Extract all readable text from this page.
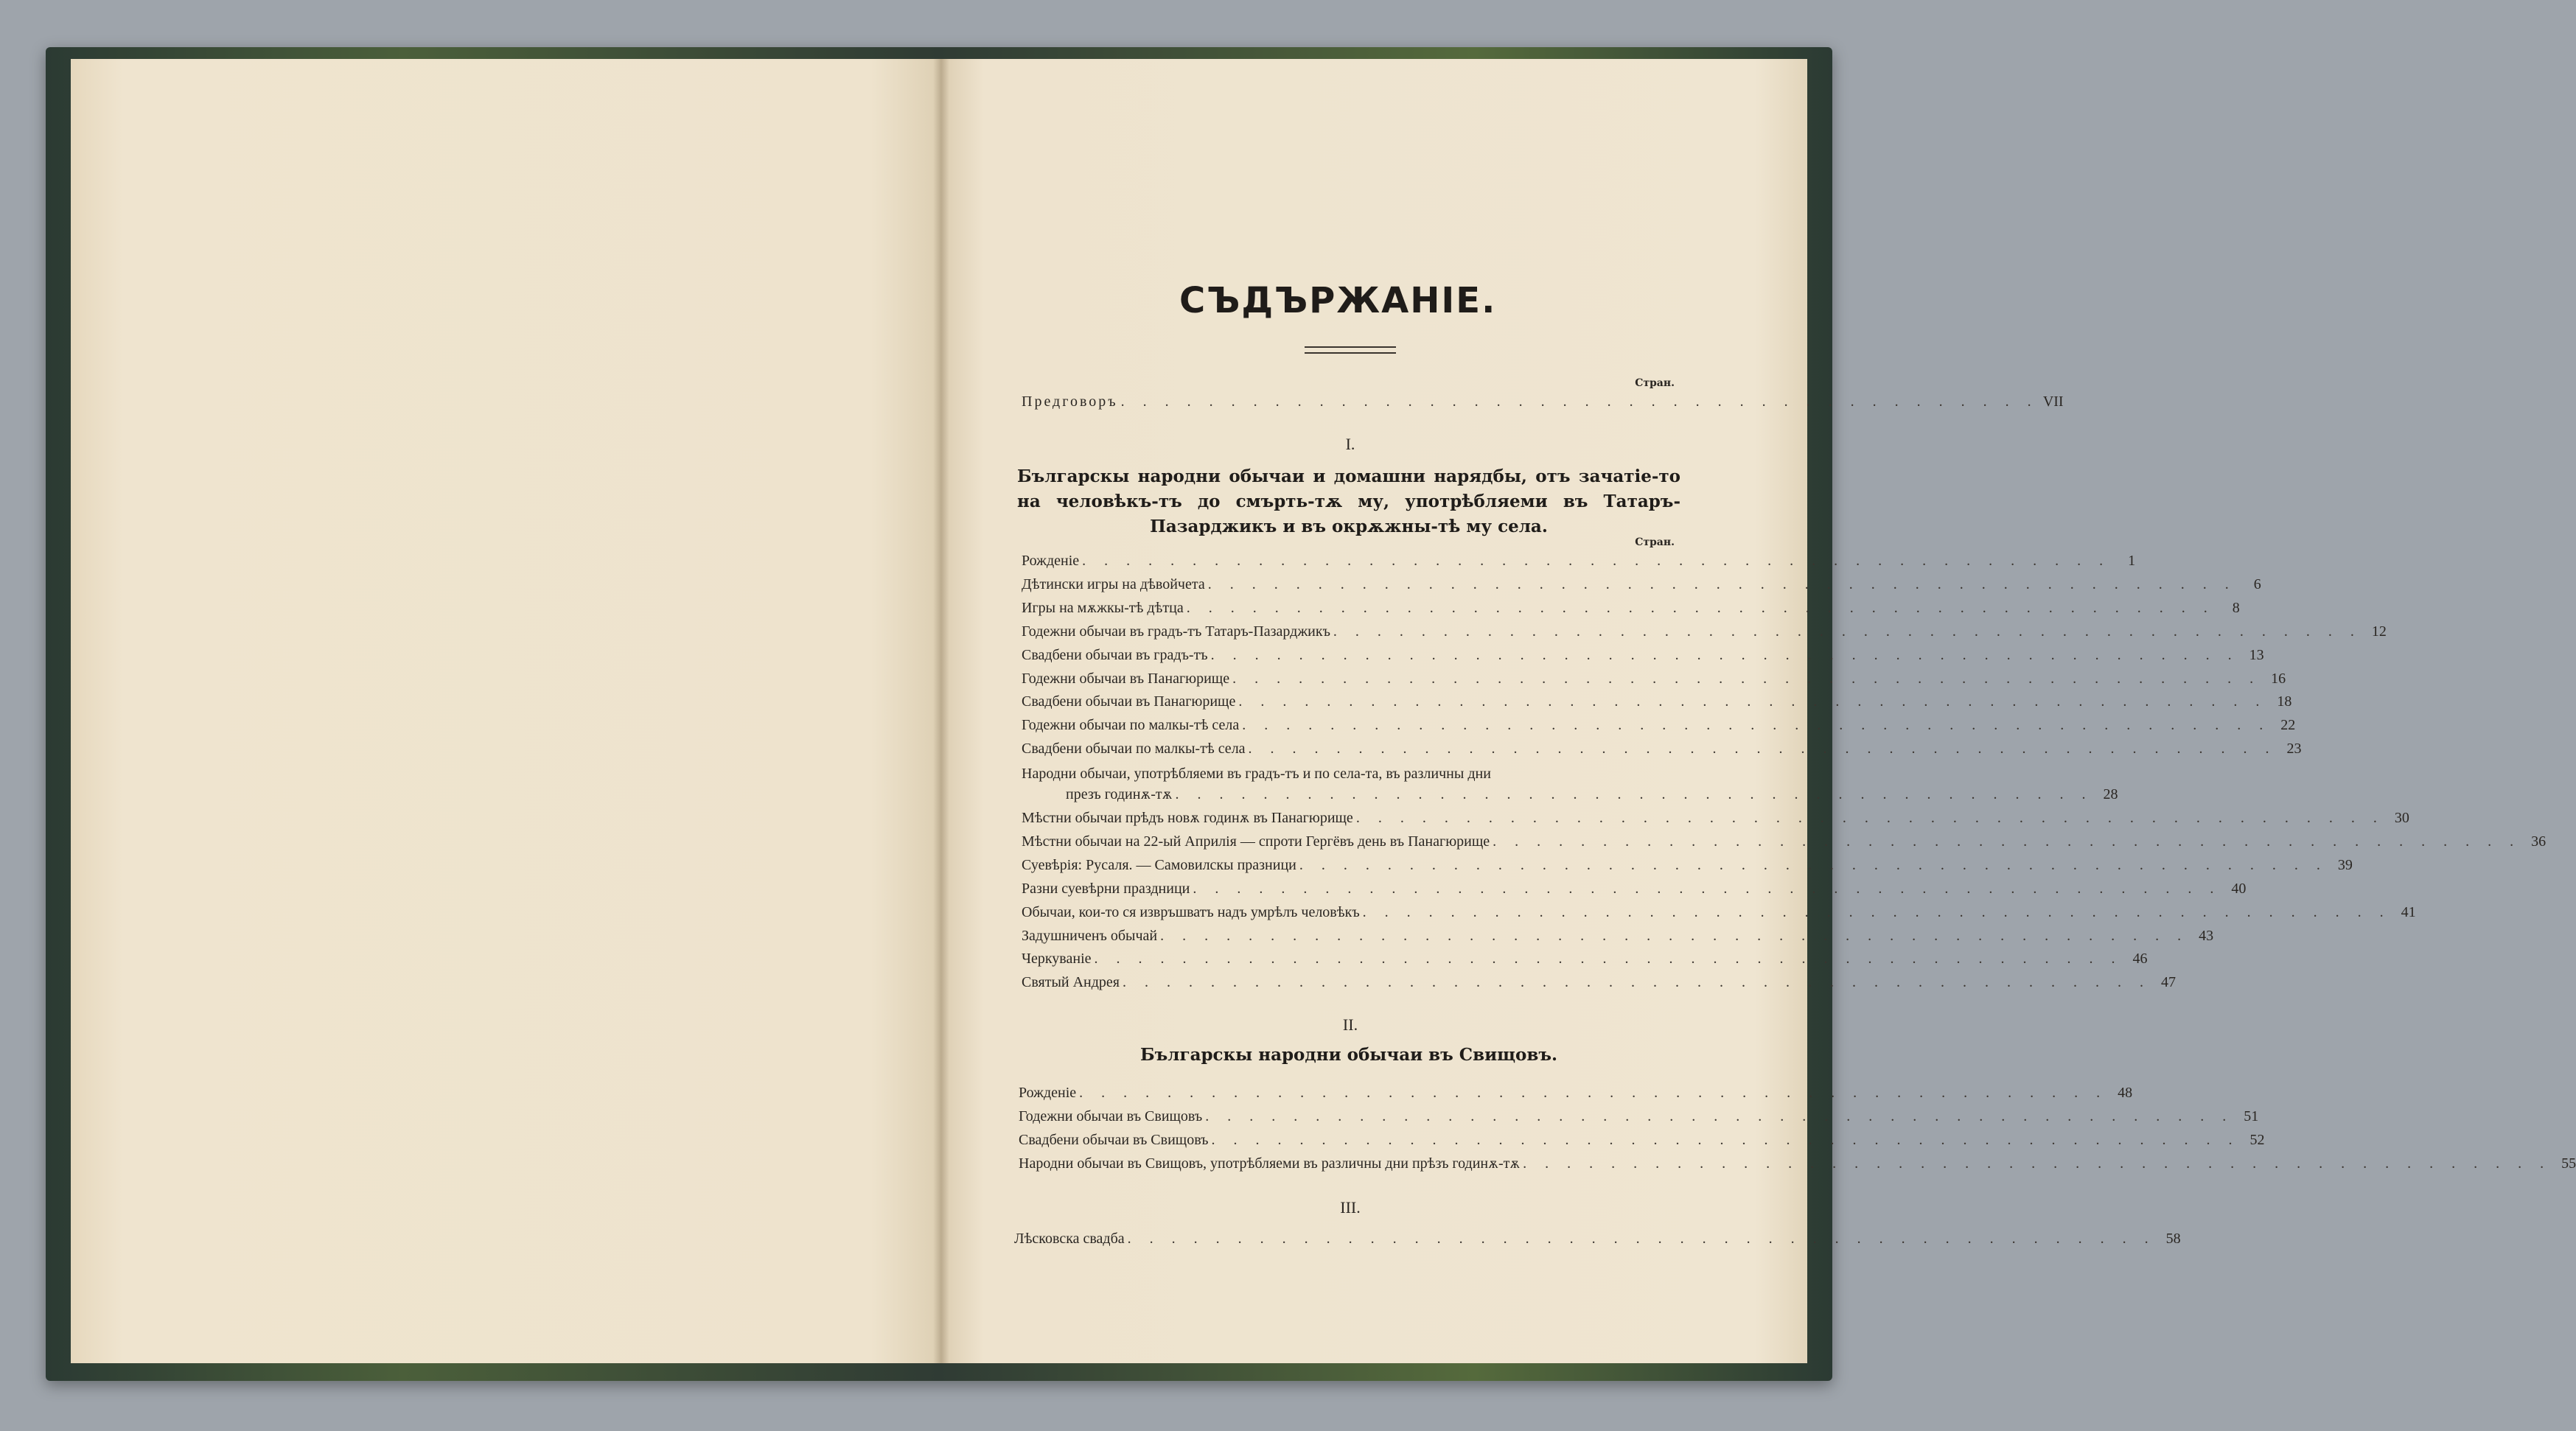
СЪДЪРЖАНІЕ.
Стран.
Предговоръ . . . . . . . . . . . . . . . . . . . . . . . . . . . . . . . . . . . . . . . . . . VII
I.
Българскы народни обычаи и домашни нарядбы, отъ зачатіе-то на человѣкъ-тъ до смърть-тѫ му, употрѣбляеми въ Татаръ-Пазарджикъ и въ окрѫжны-тѣ му села.
Стран.
Рожденіе . . . . . . . . . . . . . . . . . . . . . . . . . . . . . . . . . . . . . . . . . . . . . . .	1
Дѣтински игры на дѣвойчета . . . . . . . . . . . . . . . . . . . . . . . . . . . . . . . . . . . . . . . . . . . . . . .	6
Игры на мѫжкы-тѣ дѣтца . . . . . . . . . . . . . . . . . . . . . . . . . . . . . . . . . . . . . . . . . . . . . . .	8
Годежни обычаи въ градъ-тъ Татаръ-Пазарджикъ . . . . . . . . . . . . . . . . . . . . . . . . . . . . . . . . . . . . . . . . . . . . . . . 12
Свадбени обычаи въ градъ-тъ . . . . . . . . . . . . . . . . . . . . . . . . . . . . . . . . . . . . . . . . . . . . . . . 13
Годежни обычаи въ Панагюрище . . . . . . . . . . . . . . . . . . . . . . . . . . . . . . . . . . . . . . . . . . . . . . . 16
Свадбени обычаи въ Панагюрище . . . . . . . . . . . . . . . . . . . . . . . . . . . . . . . . . . . . . . . . . . . . . . . 18
Годежни обычаи по малкы-тѣ села . . . . . . . . . . . . . . . . . . . . . . . . . . . . . . . . . . . . . . . . . . . . . . . 22
Свадбени обычаи по малкы-тѣ села . . . . . . . . . . . . . . . . . . . . . . . . . . . . . . . . . . . . . . . . . . . . . . . 23
Народни обычаи, употрѣбляеми въ градъ-тъ и по села-та, въ различны дни
презъ годинѫ-тѫ . . . . . . . . . . . . . . . . . . . . . . . . . . . . . . . . . . . . . . . . . . 28
Мѣстни обычаи прѣдъ новѫ годинѫ въ Панагюрище . . . . . . . . . . . . . . . . . . . . . . . . . . . . . . . . . . . . . . . . . . . . . . . 30
Мѣстни обычаи на 22-ый Априлія — спроти Гергёвъ день въ Панагюрище . . . . . . . . . . . . . . . . . . . . . . . . . . . . . . . . . . . . . . . . . . . . . . . 36
Суевѣрія: Русаля. — Самовилскы празници . . . . . . . . . . . . . . . . . . . . . . . . . . . . . . . . . . . . . . . . . . . . . . . 39
Разни суевѣрни праздници . . . . . . . . . . . . . . . . . . . . . . . . . . . . . . . . . . . . . . . . . . . . . . . 40
Обычаи, кои-то ся извръшватъ надъ умрѣлъ человѣкъ . . . . . . . . . . . . . . . . . . . . . . . . . . . . . . . . . . . . . . . . . . . . . . . 41
Задушниченъ обычай . . . . . . . . . . . . . . . . . . . . . . . . . . . . . . . . . . . . . . . . . . . . . . . 43
Черкуваніе . . . . . . . . . . . . . . . . . . . . . . . . . . . . . . . . . . . . . . . . . . . . . . . 46
Святый Андрея . . . . . . . . . . . . . . . . . . . . . . . . . . . . . . . . . . . . . . . . . . . . . . . 47
II.
Българскы народни обычаи въ Свищовъ.
Рожденіе . . . . . . . . . . . . . . . . . . . . . . . . . . . . . . . . . . . . . . . . . . . . . . . 48
Годежни обычаи въ Свищовъ . . . . . . . . . . . . . . . . . . . . . . . . . . . . . . . . . . . . . . . . . . . . . . . 51
Свадбени обычаи въ Свищовъ . . . . . . . . . . . . . . . . . . . . . . . . . . . . . . . . . . . . . . . . . . . . . . . 52
Народни обычаи въ Свищовъ, употрѣбляеми въ различны дни прѣзъ годинѫ-тѫ . . . . . . . . . . . . . . . . . . . . . . . . . . . . . . . . . . . . . . . . . . . . . . . 55
III.
Лѣсковска свадба . . . . . . . . . . . . . . . . . . . . . . . . . . . . . . . . . . . . . . . . . . . . . . . 58
